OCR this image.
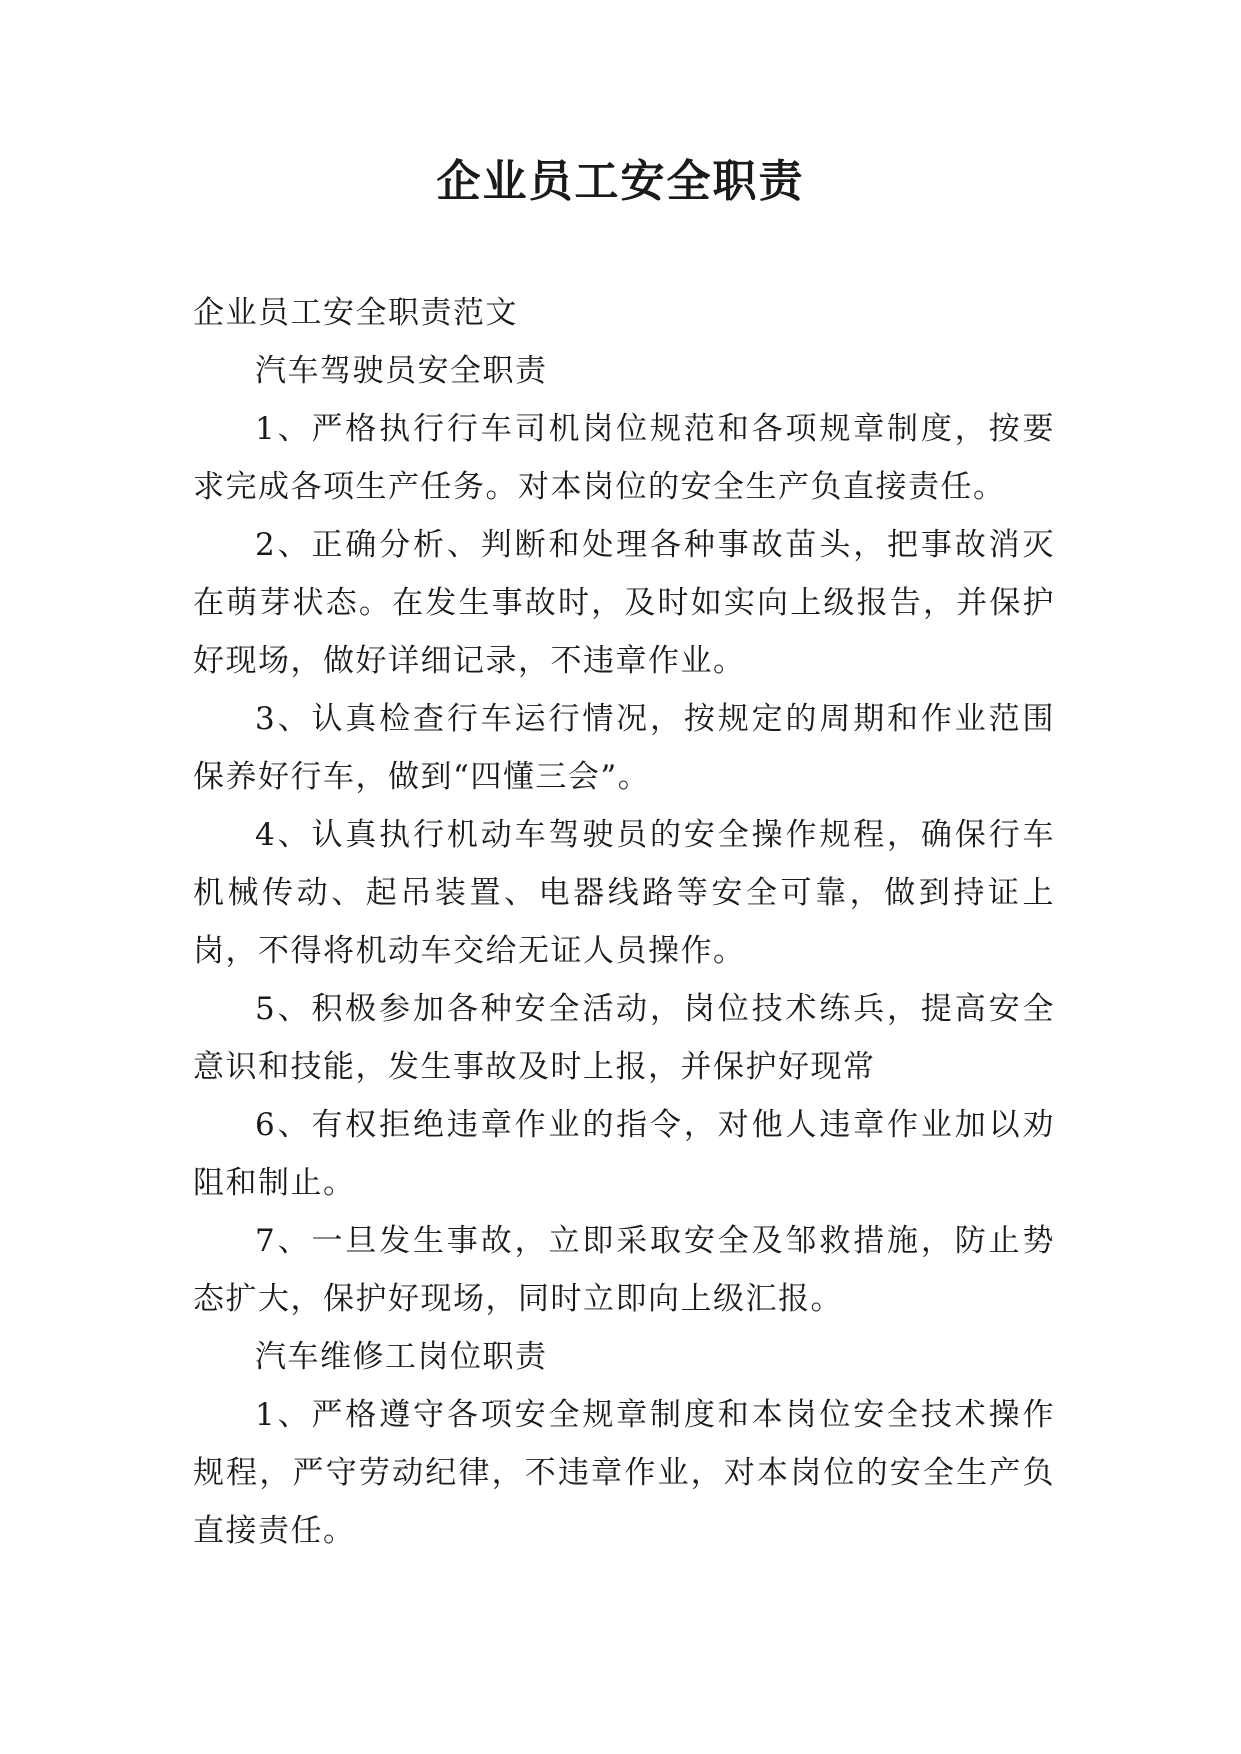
企业员工安全职责

企业员工安全职责范文

汽车驾驶员安全职责

1、严格执行行车司机岗位规范和各项规章制度，按要求完成各项生产任务。对本岗位的安全生产负直接责任。

2、正确分析、判断和处理各种事故苗头，把事故消灭在萌芽状态。在发生事故时，及时如实向上级报告，并保护好现场，做好详细记录，不违章作业。

3、认真检查行车运行情况，按规定的周期和作业范围保养好行车，做到“四懂三会”。

4、认真执行机动车驾驶员的安全操作规程，确保行车机械传动、起吊装置、电器线路等安全可靠，做到持证上岗，不得将机动车交给无证人员操作。

5、积极参加各种安全活动，岗位技术练兵，提高安全意识和技能，发生事故及时上报，并保护好现常

6、有权拒绝违章作业的指令，对他人违章作业加以劝阻和制止。

7、一旦发生事故，立即采取安全及邹救措施，防止势态扩大，保护好现场，同时立即向上级汇报。

汽车维修工岗位职责

1、严格遵守各项安全规章制度和本岗位安全技术操作规程，严守劳动纪律，不违章作业，对本岗位的安全生产负直接责任。
